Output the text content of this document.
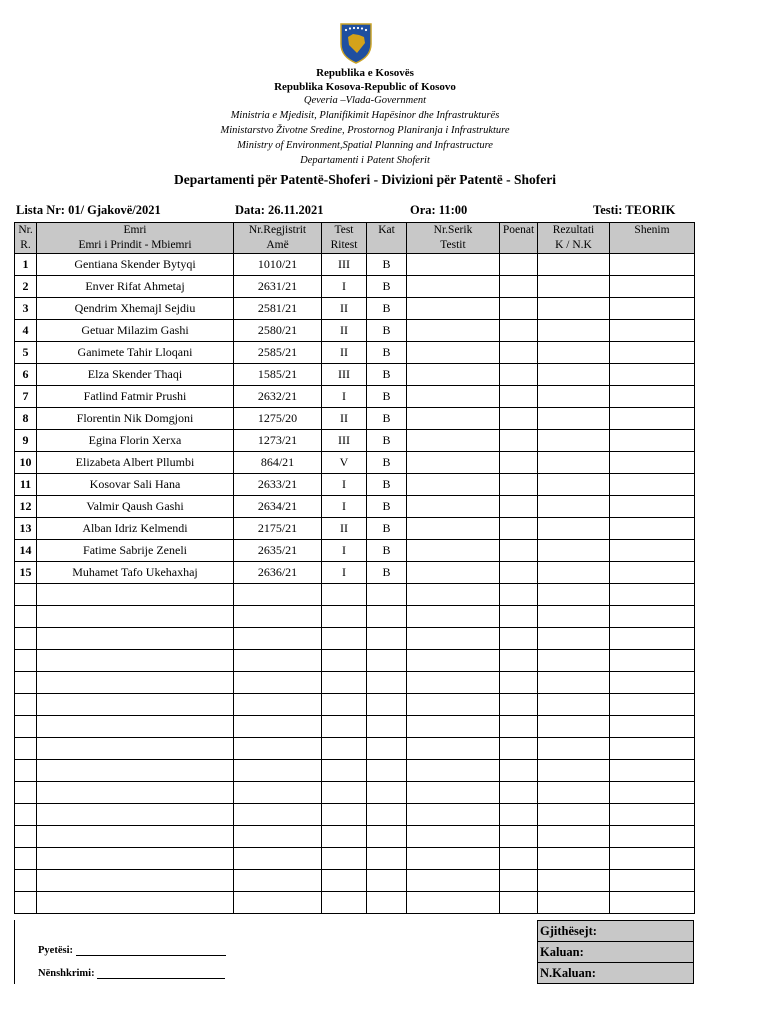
Republika e Kosovës
Republika Kosova-Republic of Kosovo
Qeveria –Vlada-Government
Ministria e Mjedisit, Planifikimit Hapësinor dhe Infrastrukturës
Ministarstvo Životne Sredine, Prostornog Planiranja i Infrastrukture
Ministry of Environment,Spatial Planning and Infrastructure
Departamenti i Patent Shoferit
Departamenti për Patentë-Shoferi - Divizioni për Patentë - Shoferi
Lista Nr: 01/ Gjakovë/2021	Data: 26.11.2021	Ora: 11:00	Testi: TEORIK
Nr.	Emri	Nr.Regjistrit	Test	Kat	Nr.Serik	Poenat	Rezultati	Shenim
R.	Emri i Prindit - Mbiemri	Amë	Ritest		Testit		K / N.K	
1	Gentiana Skender Bytyqi	1010/21	III	B				
2	Enver Rifat Ahmetaj	2631/21	I	B				
3	Qendrim Xhemajl Sejdiu	2581/21	II	B				
4	Getuar Milazim Gashi	2580/21	II	B				
5	Ganimete Tahir Lloqani	2585/21	II	B				
6	Elza Skender Thaqi	1585/21	III	B				
7	Fatlind Fatmir Prushi	2632/21	I	B				
8	Florentin Nik Domgjoni	1275/20	II	B				
9	Egina Florin Xerxa	1273/21	III	B				
10	Elizabeta Albert Pllumbi	864/21	V	B				
11	Kosovar Sali Hana	2633/21	I	B				
12	Valmir Qaush Gashi	2634/21	I	B				
13	Alban Idriz Kelmendi	2175/21	II	B				
14	Fatime Sabrije Zeneli	2635/21	I	B				
15	Muhamet Tafo Ukehaxhaj	2636/21	I	B				

Pyetësi:
Nënshkrimi:
Gjithësejt:
Kaluan:
N.Kaluan:
